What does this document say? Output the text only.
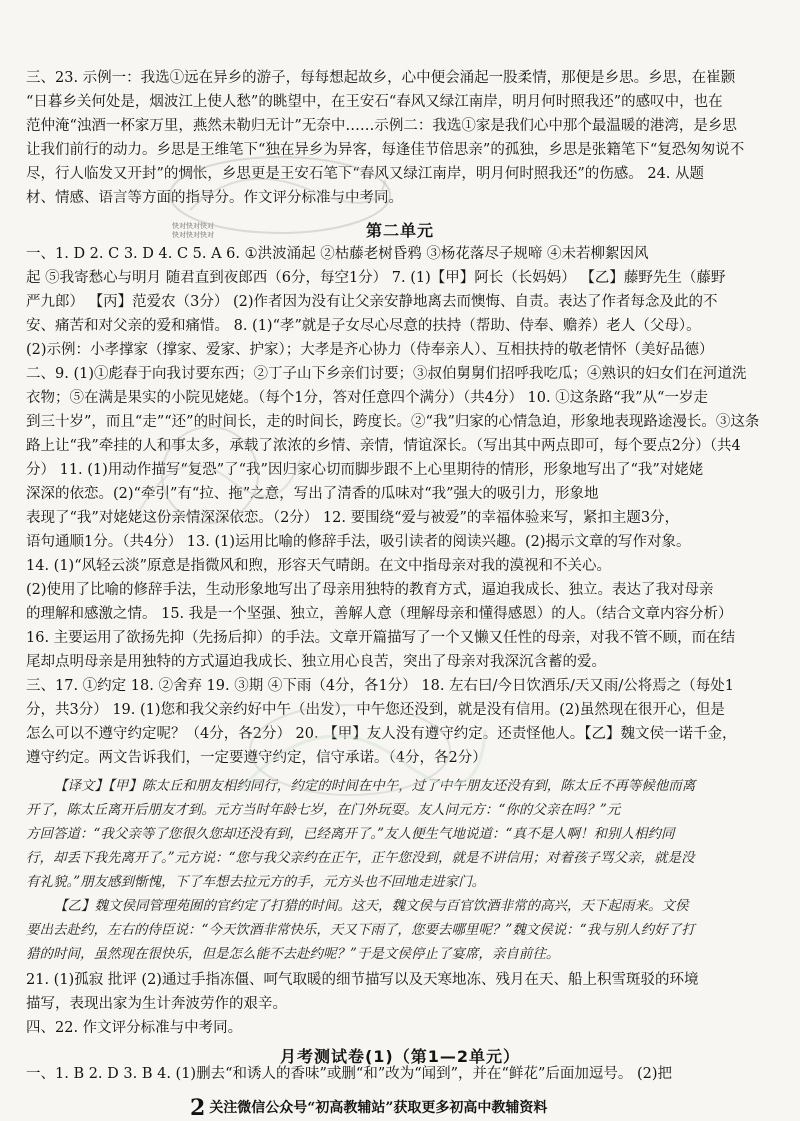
三、23. 示例一：我选①远在异乡的游子，每每想起故乡，心中便会涌起一股柔情，那便是乡思。乡思，在崔颢
“日暮乡关何处是，烟波江上使人愁”的眺望中，在王安石“春风又绿江南岸，明月何时照我还”的感叹中，也在
范仲淹“浊酒一杯家万里，燕然未勒归无计”无奈中……示例二：我选①家是我们心中那个最温暖的港湾，是乡思
让我们前行的动力。乡思是王维笔下“独在异乡为异客，每逢佳节倍思亲”的孤独，乡思是张籍笔下“复恐匆匆说不
尽，行人临发又开封”的惆怅，乡思更是王安石笔下“春风又绿江南岸，明月何时照我还”的伤感。 24. 从题
材、情感、语言等方面的指导分。作文评分标准与中考同。
快对快对快对
快对快对快对	第二单元
一、1. D 2. C 3. D 4. C 5. A 6. ①洪波涌起 ②枯藤老树昏鸦 ③杨花落尽子规啼 ④未若柳絮因风
起 ⑤我寄愁心与明月 随君直到夜郎西（6分，每空1分） 7. (1)【甲】阿长（长妈妈） 【乙】藤野先生（藤野
严九郎） 【丙】范爱农（3分） (2)作者因为没有让父亲安静地离去而懊悔、自责。表达了作者每念及此的不
安、痛苦和对父亲的爱和痛惜。 8. (1)“孝”就是子女尽心尽意的扶持（帮助、侍奉、赡养）老人（父母）。
(2)示例：小孝撑家（撑家、爱家、护家）；大孝是齐心协力（侍奉亲人）、互相扶持的敬老情怀（美好品德）
二、9. (1)①彪春于向我讨要东西；②丁子山下乡亲们讨要；③叔伯舅舅们招呼我吃瓜；④熟识的妇女们在河道洗
衣物；⑤在满是果实的小院见姥姥。（每个1分，答对任意四个满分）（共4分） 10. ①这条路“我”从“一岁走
到三十岁”，而且“走”“还”的时间长，走的时间长，跨度长。②“我”归家的心情急迫，形象地表现路途漫长。③这条
路上让“我”牵挂的人和事太多，承载了浓浓的乡情、亲情，情谊深长。（写出其中两点即可，每个要点2分）（共4
分） 11. (1)用动作描写“复恐”了“我”因归家心切而脚步跟不上心里期待的情形，形象地写出了“我”对姥姥
深深的依恋。(2)“牵引”有“拉、拖”之意，写出了清香的瓜味对“我”强大的吸引力，形象地
表现了“我”对姥姥这份亲情深深依恋。（2分） 12. 要围绕“爱与被爱”的幸福体验来写，紧扣主题3分，
语句通顺1分。（共4分） 13. (1)运用比喻的修辞手法，吸引读者的阅读兴趣。(2)揭示文章的写作对象。
14. (1)“风轻云淡”原意是指微风和煦，形容天气晴朗。在文中指母亲对我的漠视和不关心。
(2)使用了比喻的修辞手法，生动形象地写出了母亲用独特的教育方式，逼迫我成长、独立。表达了我对母亲
的理解和感激之情。 15. 我是一个坚强、独立，善解人意（理解母亲和懂得感恩）的人。（结合文章内容分析）
16. 主要运用了欲扬先抑（先扬后抑）的手法。文章开篇描写了一个又懒又任性的母亲，对我不管不顾，而在结
尾却点明母亲是用独特的方式逼迫我成长、独立用心良苦，突出了母亲对我深沉含蓄的爱。
三、17. ①约定 18. ②舍弃 19. ③期 ④下雨（4分，各1分） 18. 左右曰/今日饮酒乐/天又雨/公将焉之（每处1
分，共3分） 19. (1)您和我父亲约好中午（出发），中午您还没到，就是没有信用。(2)虽然现在很开心，但是
怎么可以不遵守约定呢？（4分，各2分） 20. 【甲】友人没有遵守约定。还责怪他人。【乙】魏文侯一诺千金，
遵守约定。两文告诉我们，一定要遵守约定，信守承诺。（4分，各2分）
【译文】【甲】陈太丘和朋友相约同行，约定的时间在中午，过了中午朋友还没有到，陈太丘不再等候他而离
开了，陈太丘离开后朋友才到。元方当时年龄七岁，在门外玩耍。友人问元方：“你的父亲在吗？”元
方回答道：“我父亲等了您很久您却还没有到，已经离开了。”友人便生气地说道：“真不是人啊！和别人相约同
行，却丢下我先离开了。”元方说：“您与我父亲约在正午，正午您没到，就是不讲信用；对着孩子骂父亲，就是没
有礼貌。”朋友感到惭愧，下了车想去拉元方的手，元方头也不回地走进家门。
【乙】魏文侯同管理苑囿的官约定了打猎的时间。这天，魏文侯与百官饮酒非常的高兴，天下起雨来。文侯
要出去赴约，左右的侍臣说：“今天饮酒非常快乐，天又下雨了，您要去哪里呢？”魏文侯说：“我与别人约好了打
猎的时间，虽然现在很快乐，但是怎么能不去赴约呢？”于是文侯停止了宴席，亲自前往。
21. (1)孤寂 批评 (2)通过手指冻僵、呵气取暖的细节描写以及天寒地冻、残月在天、船上积雪斑驳的环境
描写，表现出家为生计奔波劳作的艰辛。
四、22. 作文评分标准与中考同。
月考测试卷(1)（第1—2单元）
一、1. B 2. D 3. B 4. (1)删去“和诱人的香味”或删“和”改为“闻到”，并在“鲜花”后面加逗号。 (2)把
2 关注微信公众号“初高教辅站”获取更多初高中教辅资料
